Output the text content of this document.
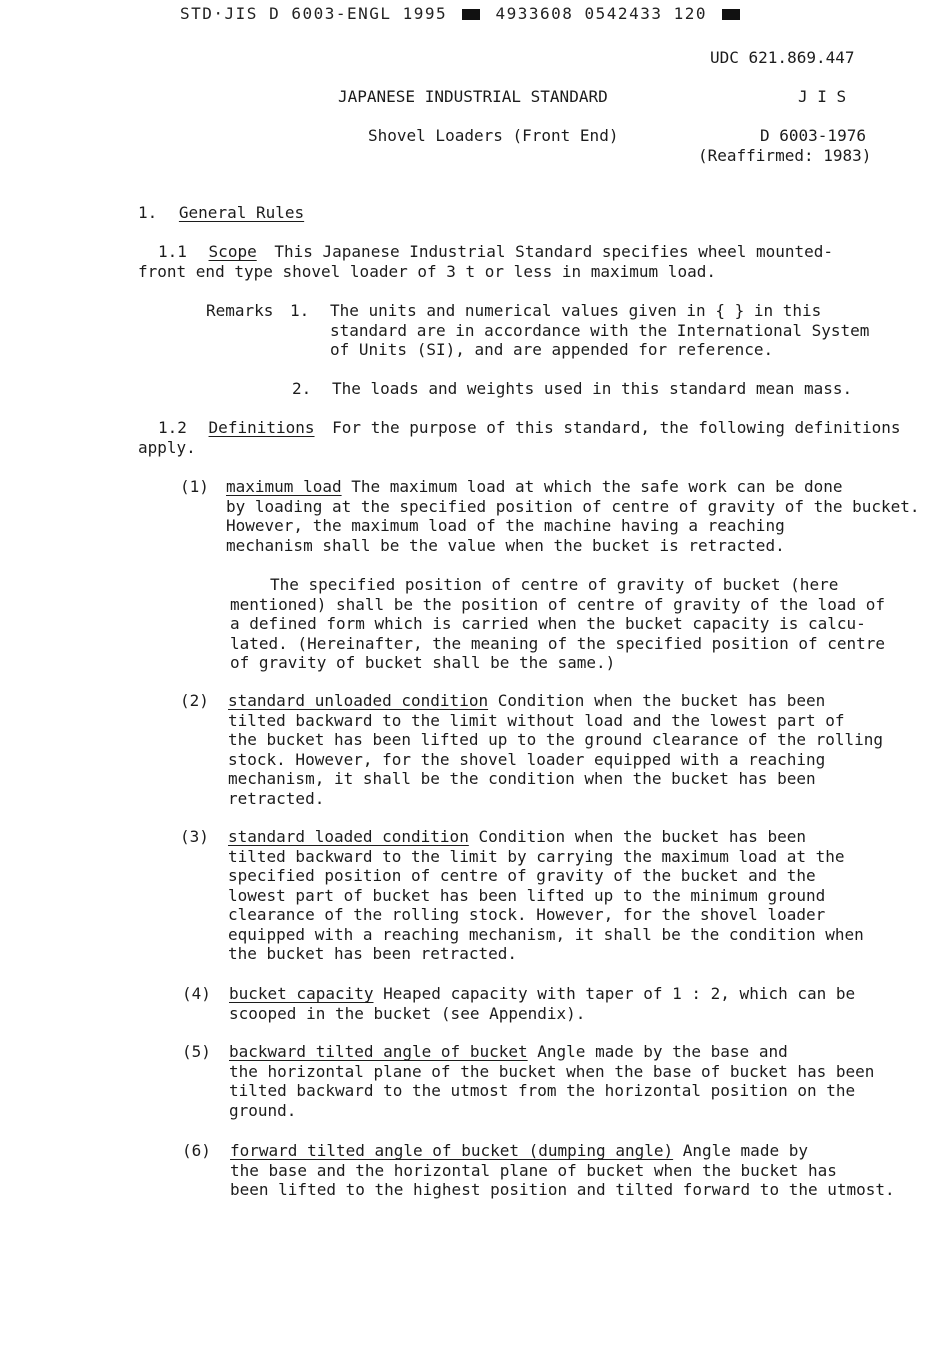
STD·JIS D 6003-ENGL 1995	4933608 0542433 120
UDC 621.869.447
JAPANESE INDUSTRIAL STANDARD	J I S
Shovel Loaders (Front End)	D 6003-1976
(Reaffirmed: 1983)
1. General Rules
1.1 Scope This Japanese Industrial Standard specifies wheel mounted-
front end type shovel loader of 3 t or less in maximum load.
Remarks 1. The units and numerical values given in { } in this
standard are in accordance with the International System
of Units (SI), and are appended for reference.
2. The loads and weights used in this standard mean mass.
1.2 Definitions For the purpose of this standard, the following definitions
apply.
(1) maximum load The maximum load at which the safe work can be done
by loading at the specified position of centre of gravity of the bucket.
However, the maximum load of the machine having a reaching
mechanism shall be the value when the bucket is retracted.
The specified position of centre of gravity of bucket (here
mentioned) shall be the position of centre of gravity of the load of
a defined form which is carried when the bucket capacity is calcu-
lated. (Hereinafter, the meaning of the specified position of centre
of gravity of bucket shall be the same.)
(2) standard unloaded condition Condition when the bucket has been
tilted backward to the limit without load and the lowest part of
the bucket has been lifted up to the ground clearance of the rolling
stock. However, for the shovel loader equipped with a reaching
mechanism, it shall be the condition when the bucket has been
retracted.
(3) standard loaded condition Condition when the bucket has been
tilted backward to the limit by carrying the maximum load at the
specified position of centre of gravity of the bucket and the
lowest part of bucket has been lifted up to the minimum ground
clearance of the rolling stock. However, for the shovel loader
equipped with a reaching mechanism, it shall be the condition when
the bucket has been retracted.
(4) bucket capacity Heaped capacity with taper of 1 : 2, which can be
scooped in the bucket (see Appendix).
(5) backward tilted angle of bucket Angle made by the base and
the horizontal plane of the bucket when the base of bucket has been
tilted backward to the utmost from the horizontal position on the
ground.
(6) forward tilted angle of bucket (dumping angle) Angle made by
the base and the horizontal plane of bucket when the bucket has
been lifted to the highest position and tilted forward to the utmost.
